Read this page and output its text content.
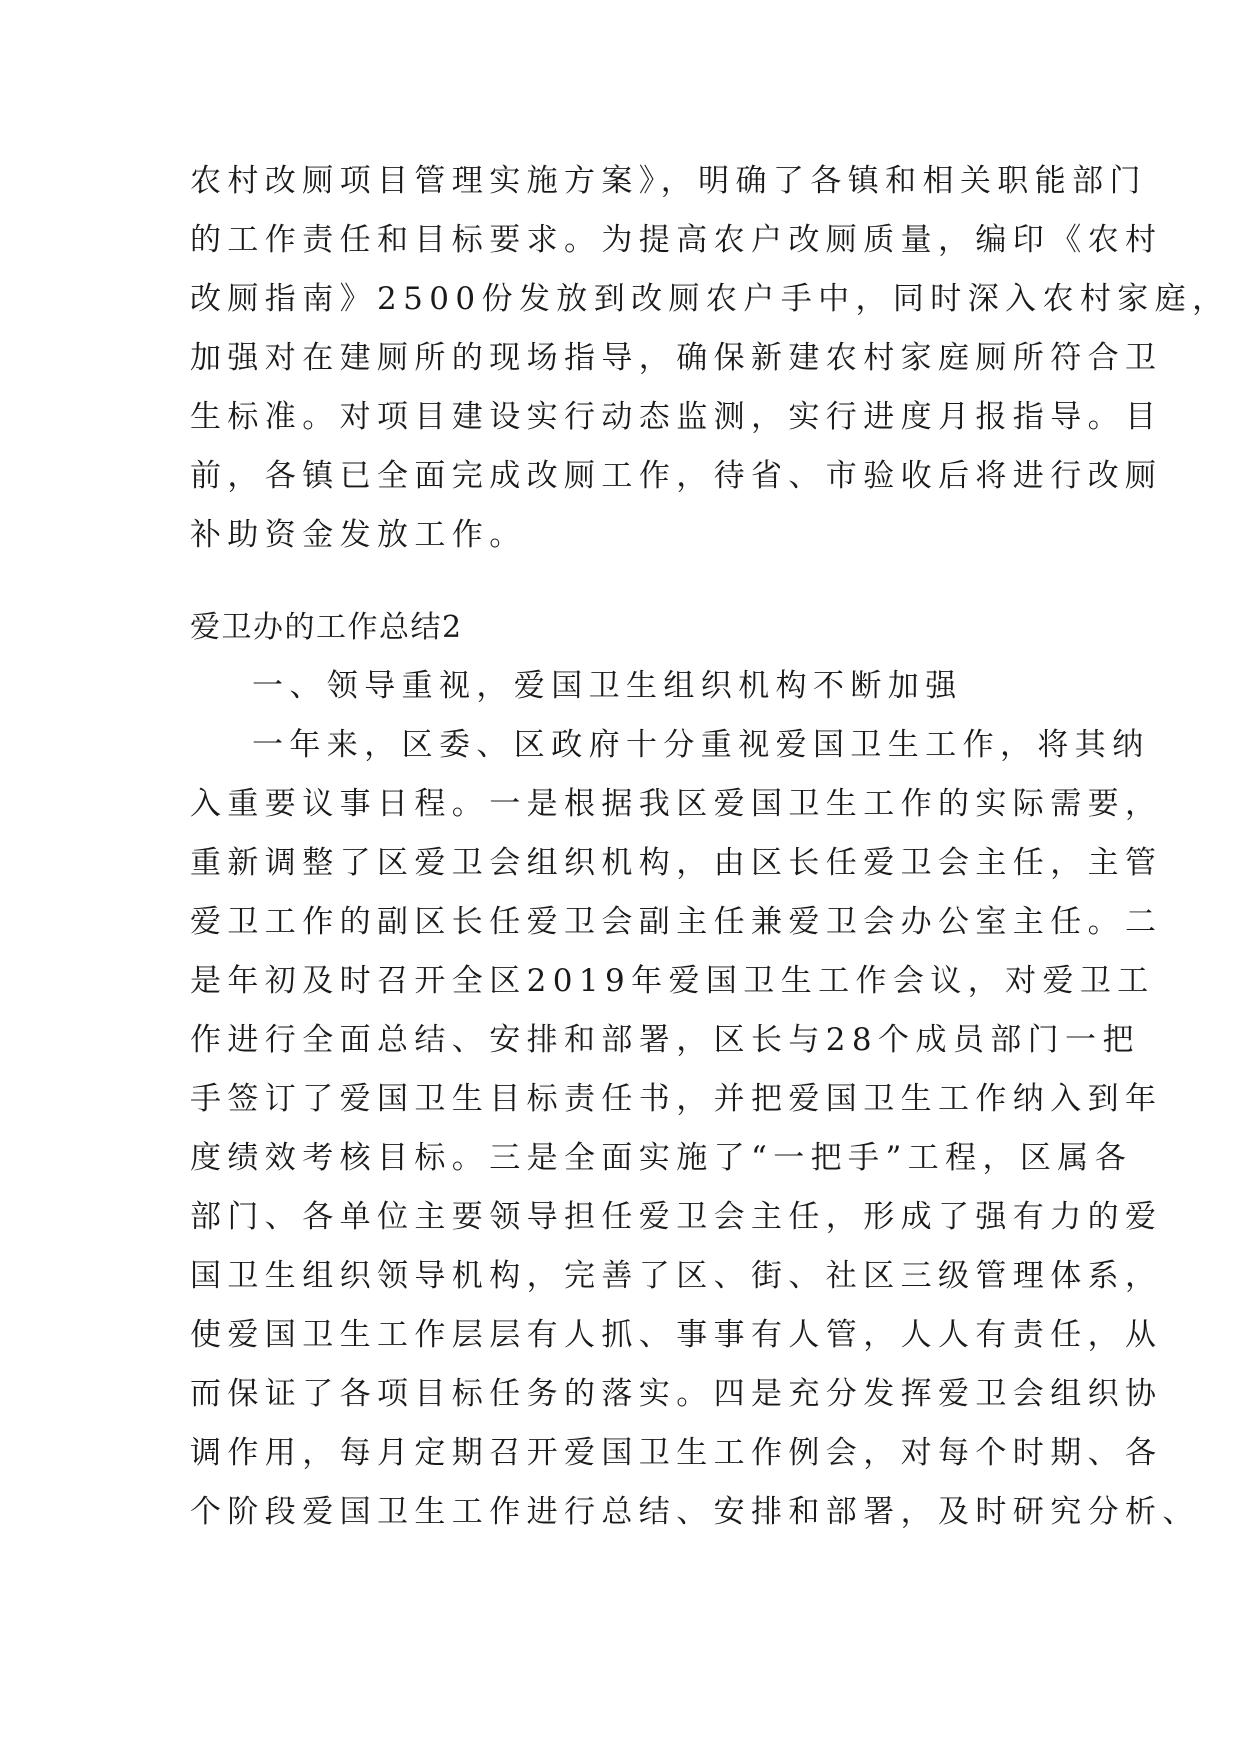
农村改厕项目管理实施方案》，明确了各镇和相关职能部门
的工作责任和目标要求。为提高农户改厕质量，编印《农村
改厕指南》2500份发放到改厕农户手中，同时深入农村家庭，
加强对在建厕所的现场指导，确保新建农村家庭厕所符合卫
生标准。对项目建设实行动态监测，实行进度月报指导。目
前，各镇已全面完成改厕工作，待省、市验收后将进行改厕
补助资金发放工作。
爱卫办的工作总结2
一、领导重视，爱国卫生组织机构不断加强
一年来，区委、区政府十分重视爱国卫生工作，将其纳
入重要议事日程。一是根据我区爱国卫生工作的实际需要，
重新调整了区爱卫会组织机构，由区长任爱卫会主任，主管
爱卫工作的副区长任爱卫会副主任兼爱卫会办公室主任。二
是年初及时召开全区2019年爱国卫生工作会议，对爱卫工
作进行全面总结、安排和部署，区长与28个成员部门一把
手签订了爱国卫生目标责任书，并把爱国卫生工作纳入到年
度绩效考核目标。三是全面实施了“一把手”工程，区属各
部门、各单位主要领导担任爱卫会主任，形成了强有力的爱
国卫生组织领导机构，完善了区、街、社区三级管理体系，
使爱国卫生工作层层有人抓、事事有人管，人人有责任，从
而保证了各项目标任务的落实。四是充分发挥爱卫会组织协
调作用，每月定期召开爱国卫生工作例会，对每个时期、各
个阶段爱国卫生工作进行总结、安排和部署，及时研究分析、
